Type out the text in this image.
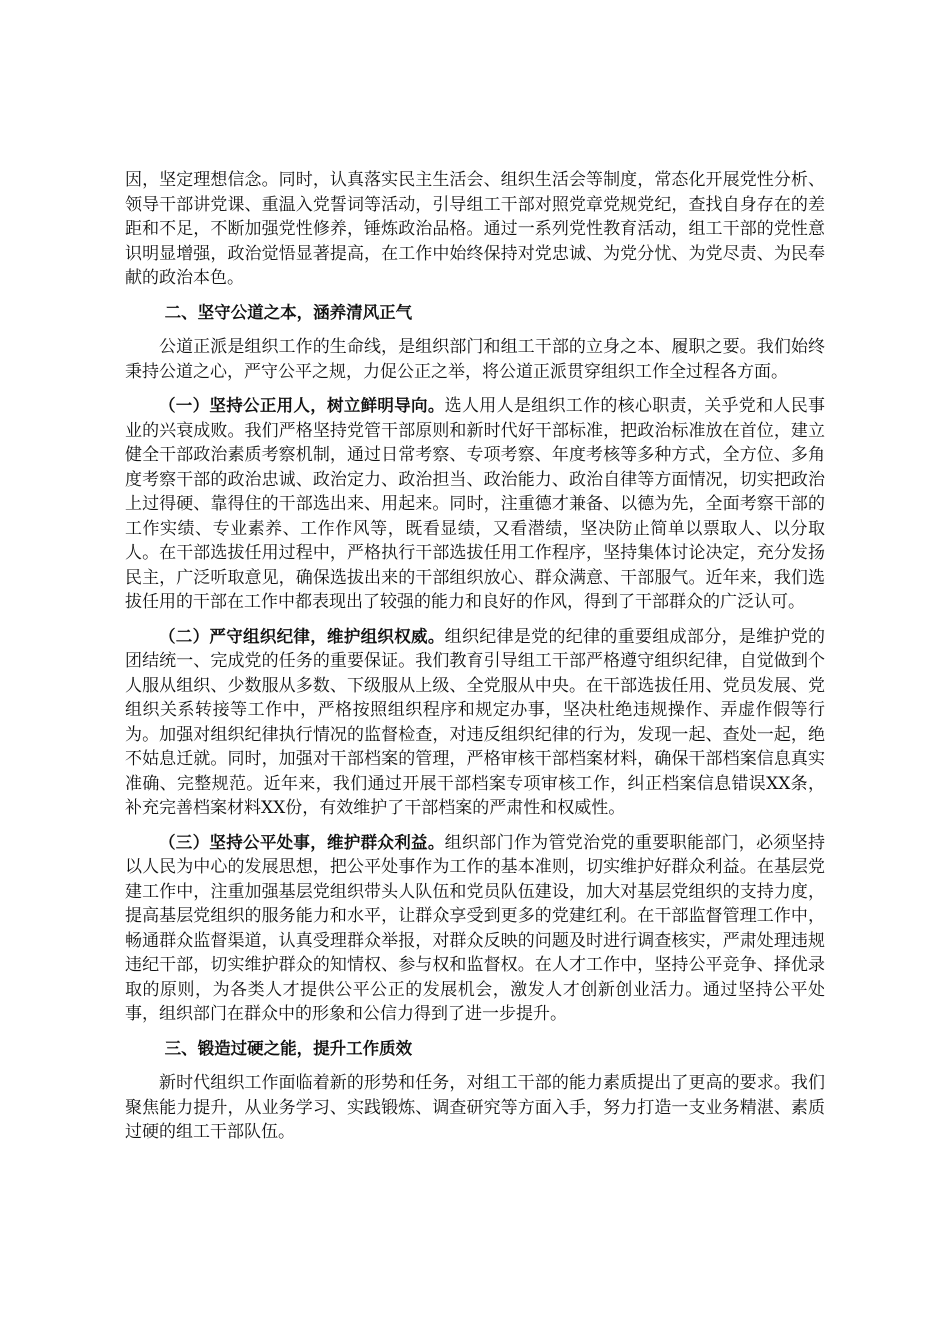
因，坚定理想信念。同时，认真落实民主生活会、组织生活会等制度，常态化开展党性分析、领导干部讲党课、重温入党誓词等活动，引导组工干部对照党章党规党纪，查找自身存在的差距和不足，不断加强党性修养，锤炼政治品格。通过一系列党性教育活动，组工干部的党性意识明显增强，政治觉悟显著提高，在工作中始终保持对党忠诚、为党分忧、为党尽责、为民奉献的政治本色。

二、坚守公道之本，涵养清风正气

公道正派是组织工作的生命线，是组织部门和组工干部的立身之本、履职之要。我们始终秉持公道之心，严守公平之规，力促公正之举，将公道正派贯穿组织工作全过程各方面。

（一）坚持公正用人，树立鲜明导向。选人用人是组织工作的核心职责，关乎党和人民事业的兴衰成败。我们严格坚持党管干部原则和新时代好干部标准，把政治标准放在首位，建立健全干部政治素质考察机制，通过日常考察、专项考察、年度考核等多种方式，全方位、多角度考察干部的政治忠诚、政治定力、政治担当、政治能力、政治自律等方面情况，切实把政治上过得硬、靠得住的干部选出来、用起来。同时，注重德才兼备、以德为先，全面考察干部的工作实绩、专业素养、工作作风等，既看显绩，又看潜绩，坚决防止简单以票取人、以分取人。在干部选拔任用过程中，严格执行干部选拔任用工作程序，坚持集体讨论决定，充分发扬民主，广泛听取意见，确保选拔出来的干部组织放心、群众满意、干部服气。近年来，我们选拔任用的干部在工作中都表现出了较强的能力和良好的作风，得到了干部群众的广泛认可。

（二）严守组织纪律，维护组织权威。组织纪律是党的纪律的重要组成部分，是维护党的团结统一、完成党的任务的重要保证。我们教育引导组工干部严格遵守组织纪律，自觉做到个人服从组织、少数服从多数、下级服从上级、全党服从中央。在干部选拔任用、党员发展、党组织关系转接等工作中，严格按照组织程序和规定办事，坚决杜绝违规操作、弄虚作假等行为。加强对组织纪律执行情况的监督检查，对违反组织纪律的行为，发现一起、查处一起，绝不姑息迁就。同时，加强对干部档案的管理，严格审核干部档案材料，确保干部档案信息真实准确、完整规范。近年来，我们通过开展干部档案专项审核工作，纠正档案信息错误XX条，补充完善档案材料XX份，有效维护了干部档案的严肃性和权威性。

（三）坚持公平处事，维护群众利益。组织部门作为管党治党的重要职能部门，必须坚持以人民为中心的发展思想，把公平处事作为工作的基本准则，切实维护好群众利益。在基层党建工作中，注重加强基层党组织带头人队伍和党员队伍建设，加大对基层党组织的支持力度，提高基层党组织的服务能力和水平，让群众享受到更多的党建红利。在干部监督管理工作中，畅通群众监督渠道，认真受理群众举报，对群众反映的问题及时进行调查核实，严肃处理违规违纪干部，切实维护群众的知情权、参与权和监督权。在人才工作中，坚持公平竞争、择优录取的原则，为各类人才提供公平公正的发展机会，激发人才创新创业活力。通过坚持公平处事，组织部门在群众中的形象和公信力得到了进一步提升。

三、锻造过硬之能，提升工作质效

新时代组织工作面临着新的形势和任务，对组工干部的能力素质提出了更高的要求。我们聚焦能力提升，从业务学习、实践锻炼、调查研究等方面入手，努力打造一支业务精湛、素质过硬的组工干部队伍。
